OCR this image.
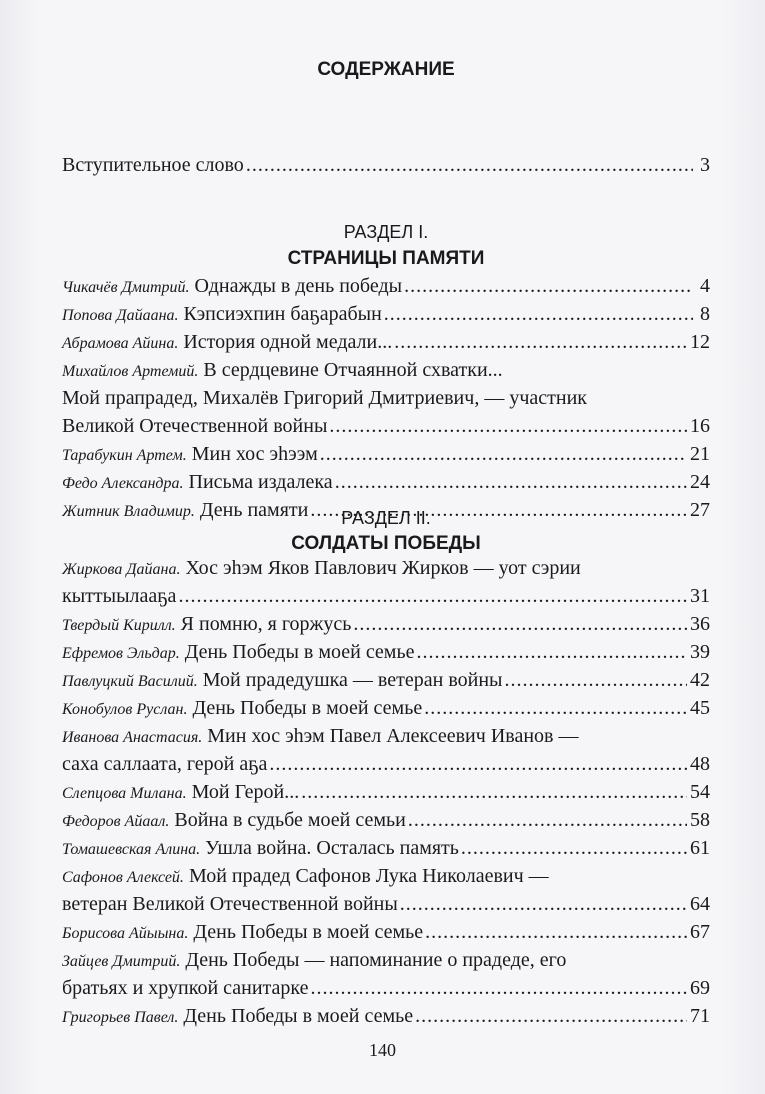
СОДЕРЖАНИЕ
Вступительное слово .....	3
РАЗДЕЛ I.
СТРАНИЦЫ ПАМЯТИ
Чикачёв Дмитрий. Однажды в день победы .....	4
Попова Дайаана. Кэпсиэхпин баҕарабын .....	8
Абрамова Айина. История одной медали... .....	12
Михайлов Артемий. В сердцевине Отчаянной схватки...
Мой прапрадед, Михалёв Григорий Дмитриевич, — участник
Великой Отечественной войны .....	16
Тарабукин Артем. Мин хос эһээм .....	21
Федо Александра. Письма издалека .....	24
Житник Владимир. День памяти .....	27
РАЗДЕЛ II.
СОЛДАТЫ ПОБЕДЫ
Жиркова Дайана. Хос эһэм Яков Павлович Жирков — уот сэрии
кыттыылааҕа .....	31
Твердый Кирилл. Я помню, я горжусь .....	36
Ефремов Эльдар. День Победы в моей семье .....	39
Павлуцкий Василий. Мой прадедушка — ветеран войны .....	42
Конобулов Руслан. День Победы в моей семье .....	45
Иванова Анастасия. Мин хос эһэм Павел Алексеевич Иванов —
саха саллаата, герой аҕа .....	48
Слепцова Милана. Мой Герой... .....	54
Федоров Айаал. Война в судьбе моей семьи .....	58
Томашевская Алина. Ушла война. Осталась память .....	61
Сафонов Алексей. Мой прадед Сафонов Лука Николаевич —
ветеран Великой Отечественной войны .....	64
Борисова Айыына. День Победы в моей семье .....	67
Зайцев Дмитрий. День Победы — напоминание о прадеде, его
братьях и хрупкой санитарке .....	69
Григорьев Павел. День Победы в моей семье .....	71
140
